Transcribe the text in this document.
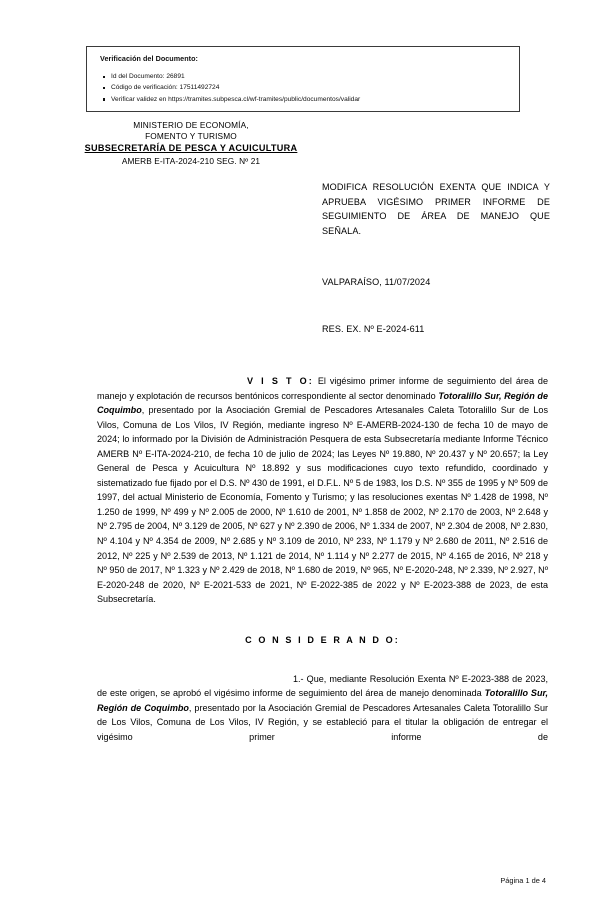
Verificación del Documento:
Id del Documento: 26891
Código de verificación: 17511492724
Verificar validez en https://tramites.subpesca.cl/wf-tramites/public/documentos/validar
MINISTERIO DE ECONOMÍA,
FOMENTO Y TURISMO
SUBSECRETARÍA DE PESCA Y ACUICULTURA
AMERB E-ITA-2024-210 SEG. Nº 21
MODIFICA RESOLUCIÓN EXENTA QUE INDICA Y APRUEBA VIGÉSIMO PRIMER INFORME DE SEGUIMIENTO DE ÁREA DE MANEJO QUE SEÑALA.
VALPARAÍSO, 11/07/2024
RES. EX. Nº E-2024-611

V I S T O: El vigésimo primer informe de seguimiento del área de manejo y explotación de recursos bentónicos correspondiente al sector denominado Totoralillo Sur, Región de Coquimbo, presentado por la Asociación Gremial de Pescadores Artesanales Caleta Totoralillo Sur de Los Vilos, Comuna de Los Vilos, IV Región, mediante ingreso Nº E-AMERB-2024-130 de fecha 10 de mayo de 2024; lo informado por la División de Administración Pesquera de esta Subsecretaría mediante Informe Técnico AMERB Nº E-ITA-2024-210, de fecha 10 de julio de 2024; las Leyes Nº 19.880, Nº 20.437 y Nº 20.657; la Ley General de Pesca y Acuicultura Nº 18.892 y sus modificaciones cuyo texto refundido, coordinado y sistematizado fue fijado por el D.S. Nº 430 de 1991, el D.F.L. Nº 5 de 1983, los D.S. Nº 355 de 1995 y Nº 509 de 1997, del actual Ministerio de Economía, Fomento y Turismo; y las resoluciones exentas Nº 1.428 de 1998, Nº 1.250 de 1999, Nº 499 y Nº 2.005 de 2000, Nº 1.610 de 2001, Nº 1.858 de 2002, Nº 2.170 de 2003, Nº 2.648 y Nº 2.795 de 2004, Nº 3.129 de 2005, Nº 627 y Nº 2.390 de 2006, Nº 1.334 de 2007, Nº 2.304 de 2008, Nº 2.830, Nº 4.104 y Nº 4.354 de 2009, Nº 2.685 y Nº 3.109 de 2010, Nº 233, Nº 1.179 y Nº 2.680 de 2011, Nº 2.516 de 2012, Nº 225 y Nº 2.539 de 2013, Nº 1.121 de 2014, Nº 1.114 y Nº 2.277 de 2015, Nº 4.165 de 2016, Nº 218 y Nº 950 de 2017, Nº 1.323 y Nº 2.429 de 2018, Nº 1.680 de 2019, Nº 965, Nº E-2020-248, Nº 2.339, Nº 2.927, Nº E-2020-248 de 2020, Nº E-2021-533 de 2021, Nº E-2022-385 de 2022 y Nº E-2023-388 de 2023, de esta Subsecretaría.

C O N S I D E R A N D O:

1.- Que, mediante Resolución Exenta Nº E-2023-388 de 2023, de este origen, se aprobó el vigésimo informe de seguimiento del área de manejo denominada Totoralillo Sur, Región de Coquimbo, presentado por la Asociación Gremial de Pescadores Artesanales Caleta Totoralillo Sur de Los Vilos, Comuna de Los Vilos, IV Región, y se estableció para el titular la obligación de entregar el vigésimo primer informe de

Página 1 de 4
